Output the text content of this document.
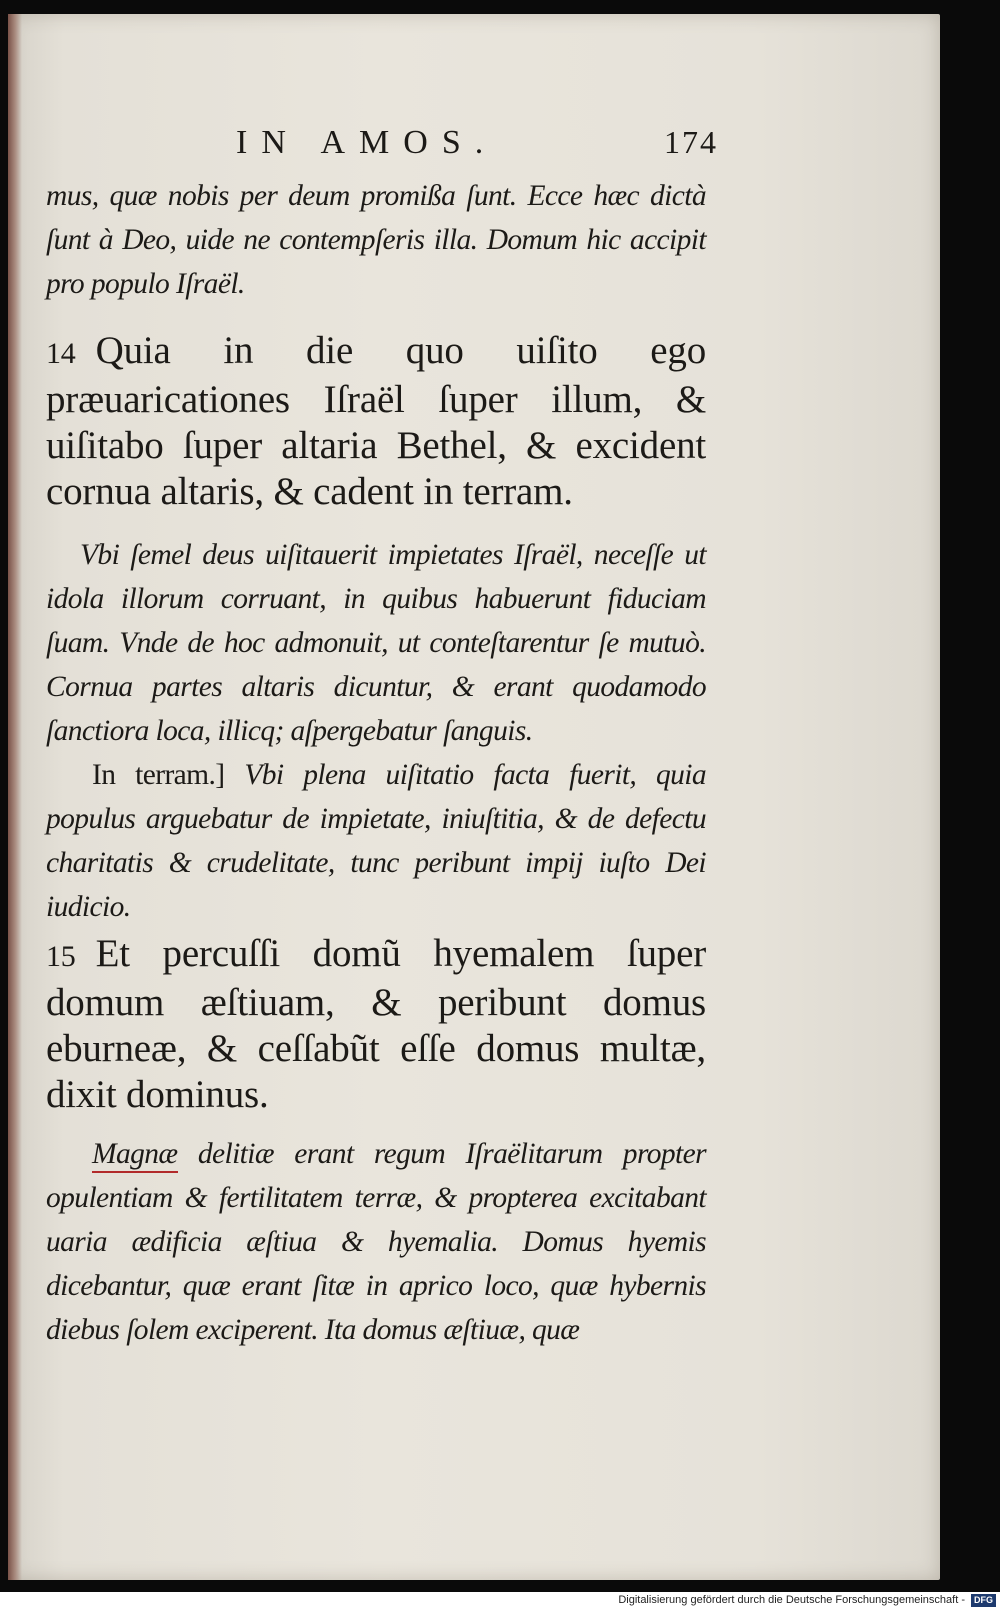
IN AMOS.	174

mus, quæ nobis per deum promißa ſunt. Ecce hæc dictà ſunt à Deo, uide ne contempſeris illa. Domum hic accipit pro populo Iſraël.

14 Quia in die quo uiſito ego præuaricationes Iſraël ſuper illum, & uiſitabo ſuper altaria Bethel, & excident cornua altaris, & cadent in terram.

Vbi ſemel deus uiſitauerit impietates Iſraël, neceſſe ut idola illorum corruant, in quibus habuerunt fiduciam ſuam. Vnde de hoc admonuit, ut conteſtarentur ſe mutuò. Cornua partes altaris dicuntur, & erant quodamodo ſanctiora loca, illicq; aſpergebatur ſanguis.

In terram.] Vbi plena uiſitatio facta fuerit, quia populus arguebatur de impietate, iniuſtitia, & de defectu charitatis & crudelitate, tunc peribunt impij iuſto Dei iudicio.

15 Et percuſſi domũ hyemalem ſuper domum æſtiuam, & peribunt domus eburneæ, & ceſſabũt eſſe domus multæ, dixit dominus.

Magnæ delitiæ erant regum Iſraëlitarum propter opulentiam & fertilitatem terræ, & propterea excitabant uaria ædificia æſtiua & hyemalia. Domus hyemis dicebantur, quæ erant ſitæ in aprico loco, quæ hybernis diebus ſolem exciperent. Ita domus æſtiuæ, quæ

Digitalisierung gefördert durch die Deutsche Forschungsgemeinschaft - DFG
